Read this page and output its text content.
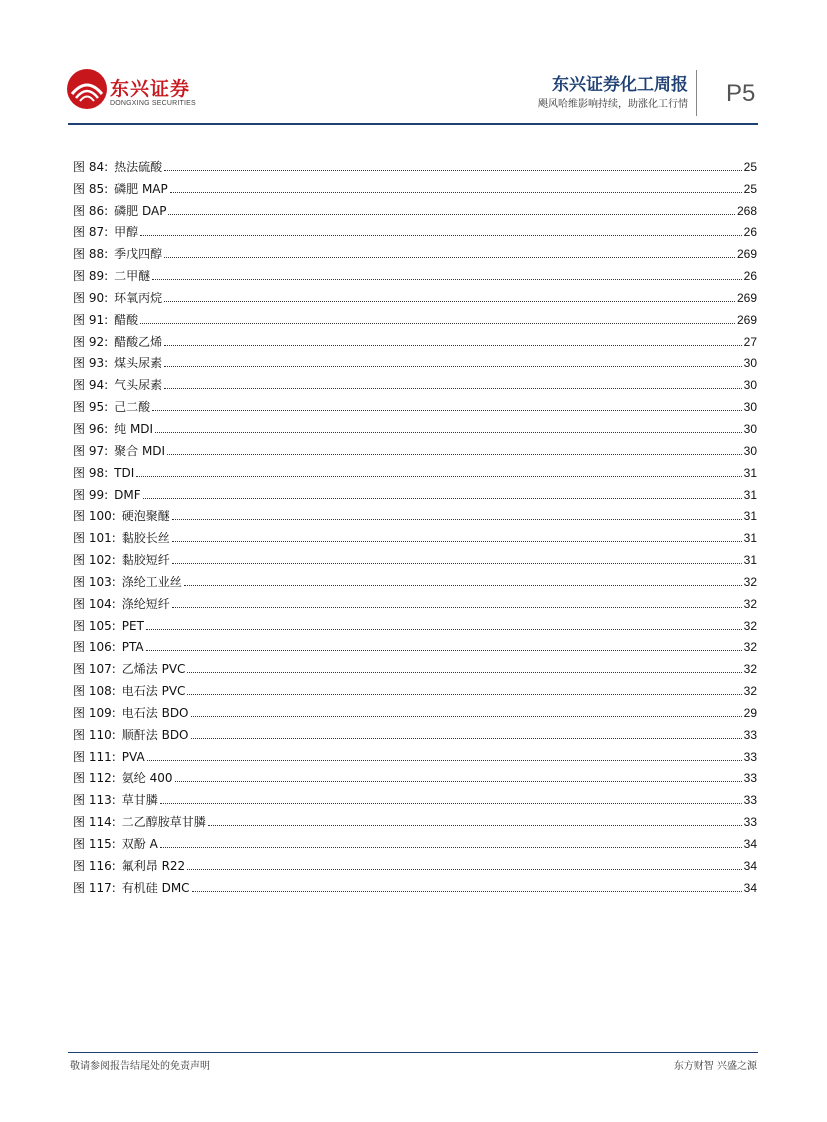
东兴证券
DONGXING SECURITIES
东兴证券化工周报
飓风哈维影响持续，助涨化工行情 P5
图 84: 热法硫酸	25
图 85: 磷肥 MAP	25
图 86: 磷肥 DAP	268
图 87: 甲醇	26
图 88: 季戊四醇	269
图 89: 二甲醚	26
图 90: 环氧丙烷	269
图 91: 醋酸	269
图 92: 醋酸乙烯	27
图 93: 煤头尿素	30
图 94: 气头尿素	30
图 95: 己二酸	30
图 96: 纯 MDI	30
图 97: 聚合 MDI	30
图 98: TDI	31
图 99: DMF	31
图 100: 硬泡聚醚	31
图 101: 黏胶长丝	31
图 102: 黏胶短纤	31
图 103: 涤纶工业丝	32
图 104: 涤纶短纤	32
图 105: PET	32
图 106: PTA	32
图 107: 乙烯法 PVC	32
图 108: 电石法 PVC	32
图 109: 电石法 BDO	29
图 110: 顺酐法 BDO	33
图 111: PVA	33
图 112: 氨纶 400	33
图 113: 草甘膦	33
图 114: 二乙醇胺草甘膦	33
图 115: 双酚 A	34
图 116: 氟利昂 R22	34
图 117: 有机硅 DMC	34
敬请参阅报告结尾处的免责声明	东方财智 兴盛之源
